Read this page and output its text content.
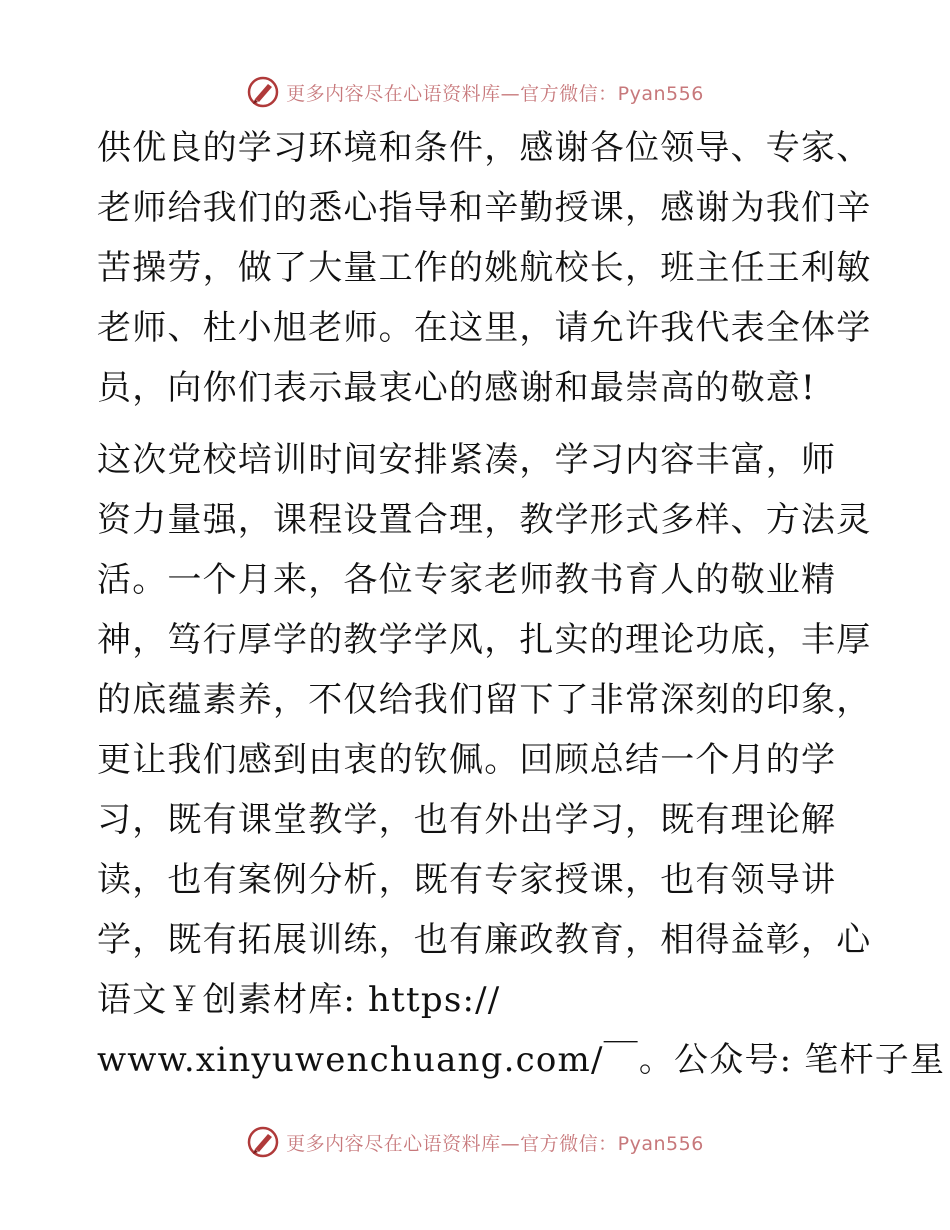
更多内容尽在心语资料库—官方微信：Pyan556
供优良的学习环境和条件，感谢各位领导、专家、
老师给我们的悉心指导和辛勤授课，感谢为我们辛
苦操劳，做了大量工作的姚航校长，班主任王利敏
老师、杜小旭老师。在这里，请允许我代表全体学
员，向你们表示最衷心的感谢和最崇高的敬意!
这次党校培训时间安排紧凑，学习内容丰富，师
资力量强，课程设置合理，教学形式多样、方法灵
活。一个月来，各位专家老师教书育人的敬业精
神，笃行厚学的教学学风，扎实的理论功底，丰厚
的底蕴素养，不仅给我们留下了非常深刻的印象，
更让我们感到由衷的钦佩。回顾总结一个月的学
习，既有课堂教学，也有外出学习，既有理论解
读，也有案例分析，既有专家授课，也有领导讲
学，既有拓展训练，也有廉政教育，相得益彰，心
语文￥创素材库: https://
www.xinyuwenchuang.com/￣。公众号: 笔杆子星
更多内容尽在心语资料库—官方微信：Pyan556
